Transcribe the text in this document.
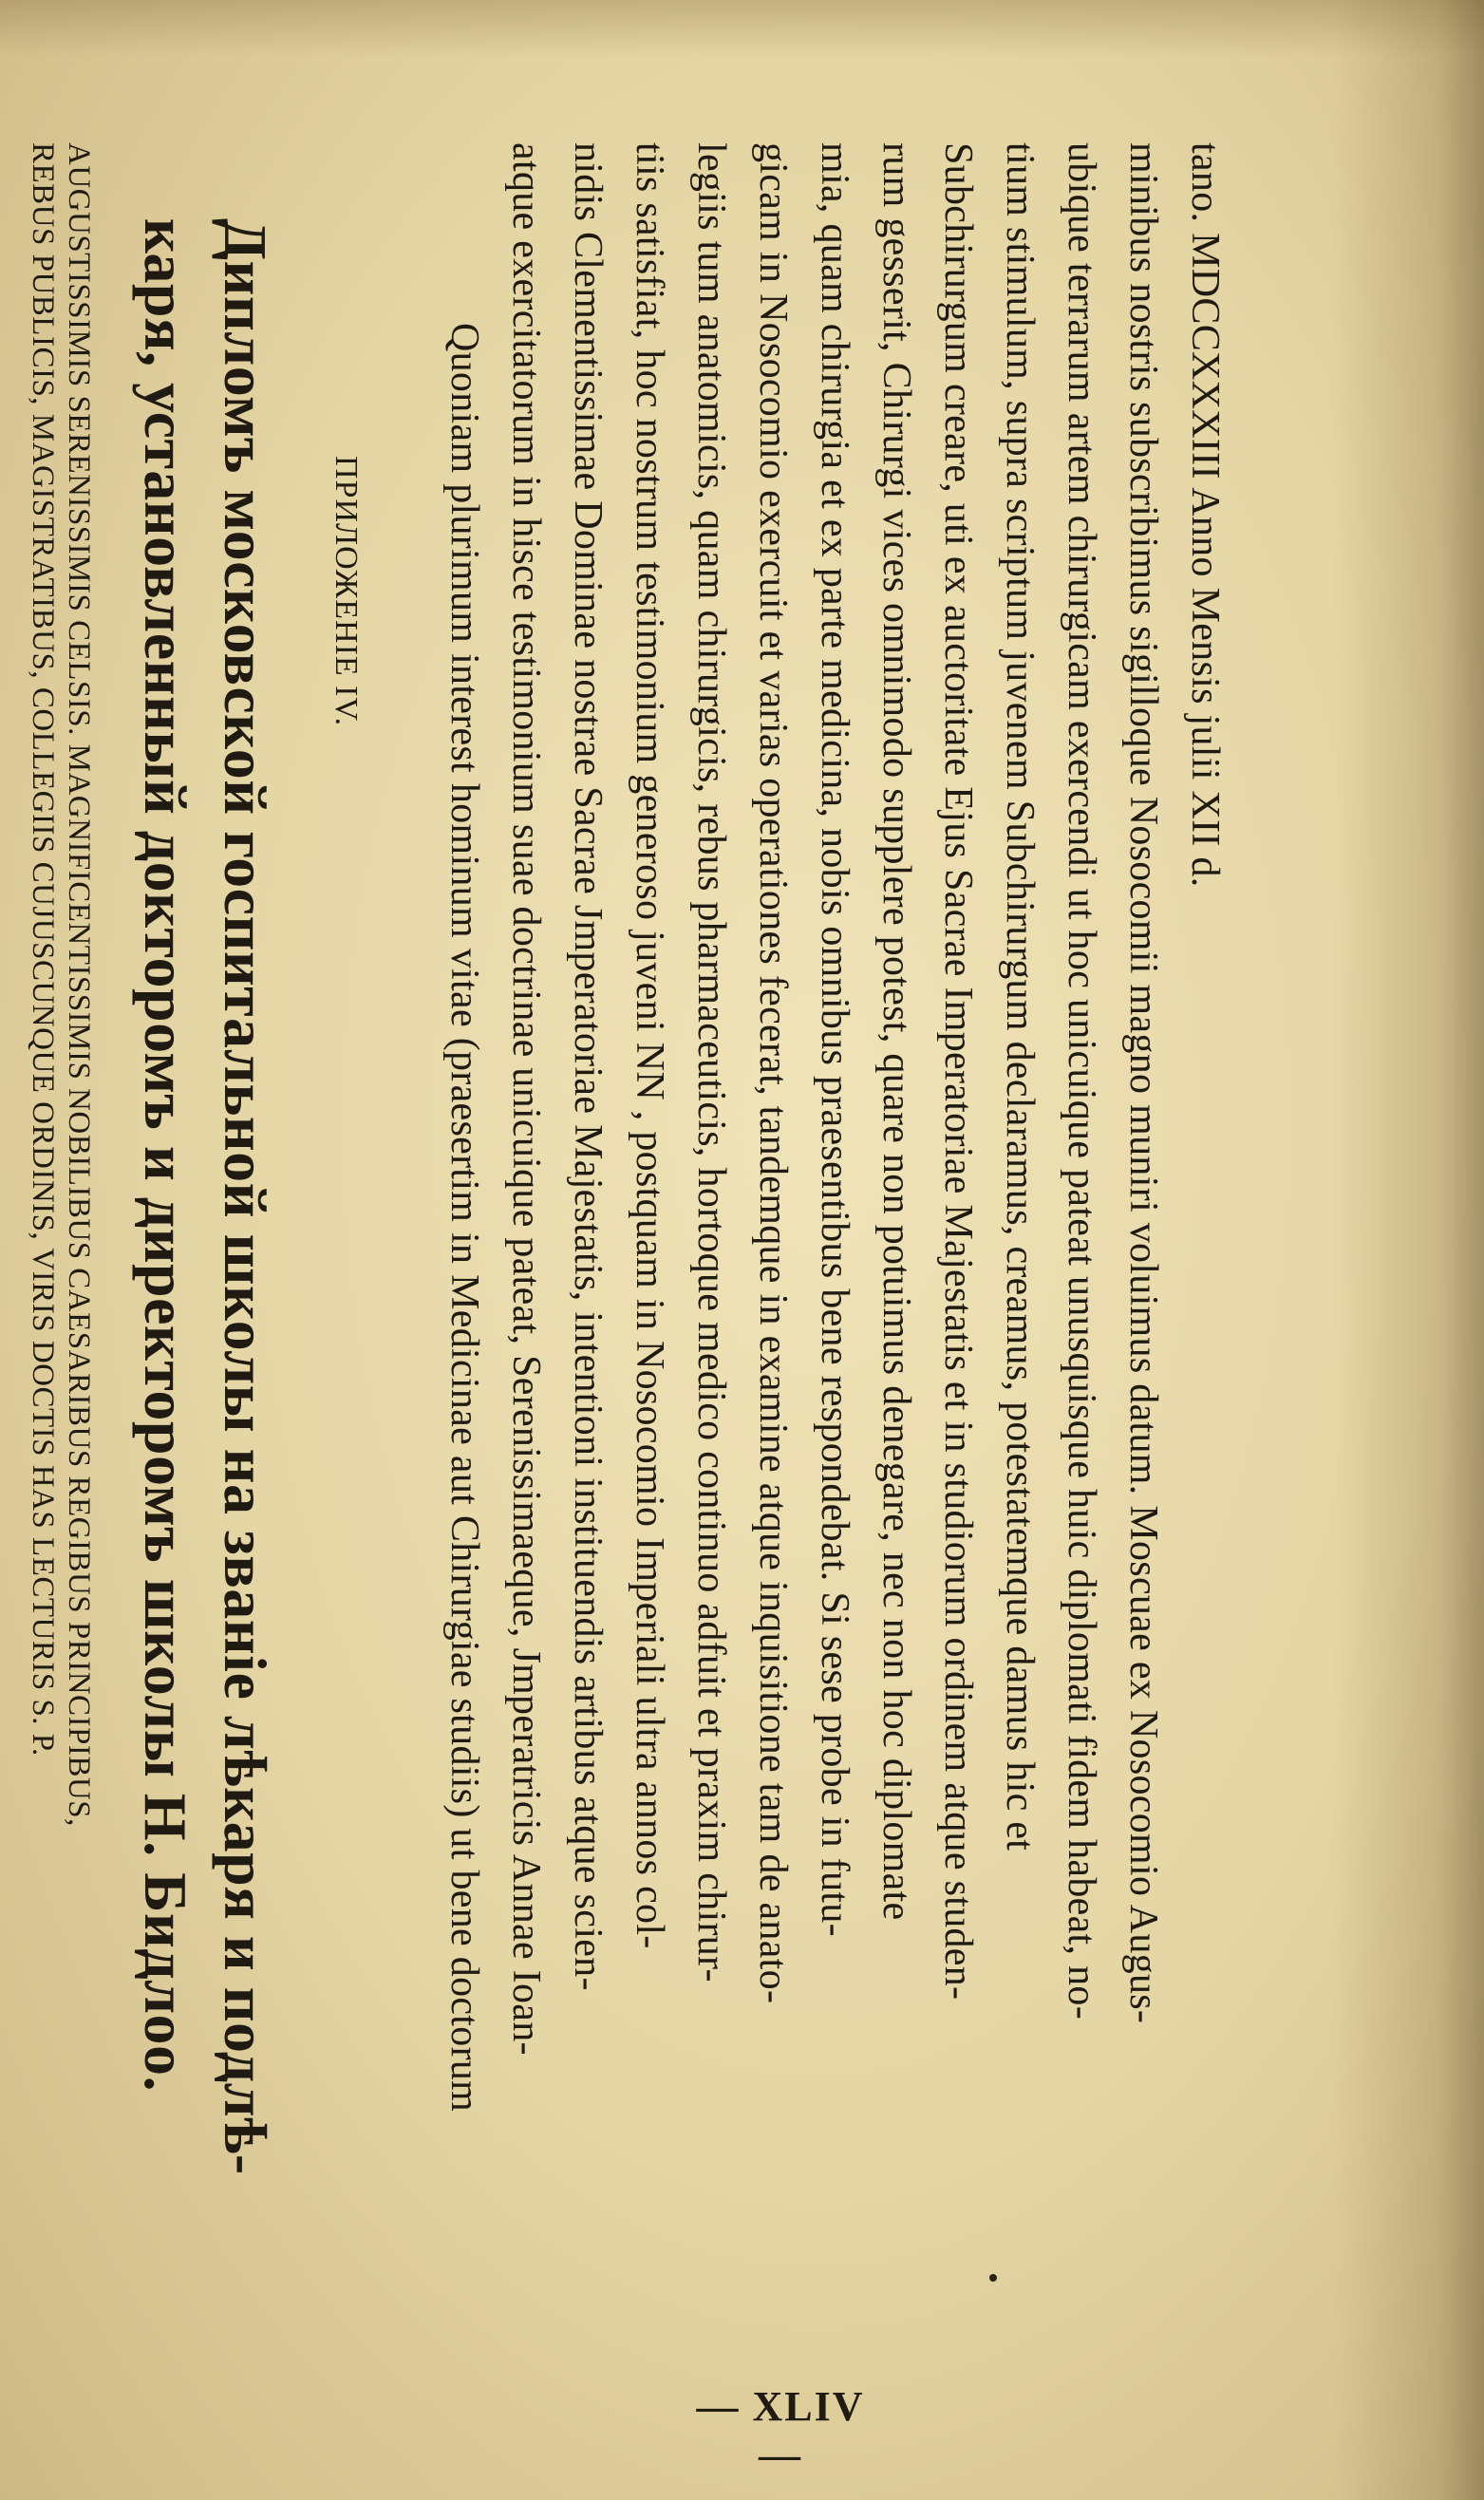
— XLIV —
ПРИЛОЖЕНІЕ IV.
Дипломъ московской госпитальной школы на званіе лѣкаря и подлѣ-
каря, установленный докторомъ и директоромъ школы Н. Бидлоо.
AUGUSTISSIMIS SERENISSIMIS CELSIS. MAGNIFICENTISSIMIS NOBILIBUS CAESARIBUS REGIBUS PRINCIPIBUS,
REBUS PUBLICIS, MAGISTRATIBUS, COLLEGIIS CUJUSCUNQUE ORDINIS, VIRIS DOCTIS HAS LECTURIS S. P.	Quoniam plurimum interest hominum vitae (praesertim in Medicinae aut Chirurgiae studiis) ut bene doctorum atque exercitatorum in hisce testimonium suae doctrinae unicuique pateat, Serenissimaeque, Jmperatricis Annae Ioan- nidis Clementissimae Dominae nostrae Sacrae Jmperatoriae Majestatis, intentioni instituendis artibus atque scien- tiis satisfiat, hoc nostrum testimonium generoso juveni NN , postquam in Nosocomio Imperiali ultra annos col- legiis tum anatomicis, quam chirurgicis, rebus pharmaceuticis, hortoque medico continuo adfuit et praxim chirur- gicam in Nosocomio exercuit et varias operationes fecerat, tandemque in examine atque inquisitione tam de anato- mia, quam chirurgia et ex parte medicina, nobis omnibus praesentibus bene respondebat. Si sese probe in futu- rum gesserit, Chirurgi vices omnimodo supplere potest, quare non potuimus denegare, nec non hoc diplomate Subchirurgum creare, uti ex auctoritate Ejus Sacrae Imperatoriae Majestatis et in studiorum ordinem atque studen- tium stimulum, supra scriptum juvenem Subchirurgum declaramus, creamus, potestatemque damus hic et ubique terrarum artem chirurgicam exercendi ut hoc unicuique pateat unusquisque huic diplomati fidem habeat, no- minibus nostris subscribimus sigilloque Nosocomii magno muniri voluimus datum. Moscuae ex Nosocomio Augus- tano. MDCCXXXIII Anno Mensis julii XII d.
